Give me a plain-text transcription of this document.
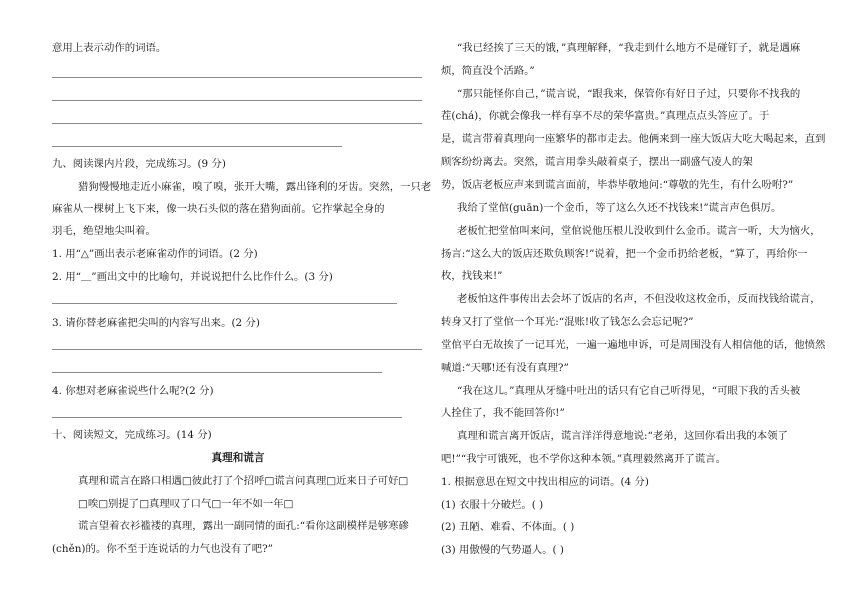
意用上表示动作的词语。
九、阅读课内片段，完成练习。(9 分)
猎狗慢慢地走近小麻雀，嗅了嗅，张开大嘴，露出锋利的牙齿。突然，一只老
麻雀从一棵树上飞下来，像一块石头似的落在猎狗面前。它拃掌起全身的
羽毛，绝望地尖叫着。
1. 用“△”画出表示老麻雀动作的词语。(2 分)
2. 用“＿”画出文中的比喻句，并说说把什么比作什么。(3 分)
3. 请你替老麻雀把尖叫的内容写出来。(2 分)
4. 你想对老麻雀说些什么呢?(2 分)
十、阅读短文，完成练习。(14 分)
真理和谎言
真理和谎言在路口相遇□彼此打了个招呼□谎言问真理□近来日子可好□
□唉□别提了□真理叹了口气□一年不如一年□
谎言望着衣衫褴褛的真理，露出一副同情的面孔:“看你这副模样是够寒碜
(chěn)的。你不至于连说话的力气也没有了吧?”
“我已经挨了三天的饿，”真理解释，“我走到什么地方不是碰钉子，就是遇麻
烦，简直没个活路。”
“那只能怪你自己，”谎言说，“跟我来，保管你有好日子过，只要你不找我的
茬(chá)，你就会像我一样有享不尽的荣华富贵。”真理点点头答应了。于
是，谎言带着真理向一座繁华的都市走去。他俩来到一座大饭店大吃大喝起来，直到
顾客纷纷离去。突然，谎言用拳头敲着桌子，摆出一副盛气凌人的架
势，饭店老板应声来到谎言面前，毕恭毕敬地问:“尊敬的先生，有什么吩咐?”
我给了堂倌(guān)一个金币，等了这么久还不找钱来!”谎言声色俱厉。
老板忙把堂倌叫来问，堂倌说他压根儿没收到什么金币。谎言一听，大为恼火，
扬言:“这么大的饭店还欺负顾客!”说着，把一个金币扔给老板，“算了，再给你一
枚，找钱来!”
老板怕这件事传出去会坏了饭店的名声，不但没收这枚金币，反而找钱给谎言，
转身又打了堂倌一个耳光:“混账!收了钱怎么会忘记呢?”
堂倌平白无故挨了一记耳光，一遍一遍地申诉，可是周围没有人相信他的话，他愤然
喊道:“天哪!还有没有真理?”
“我在这儿。”真理从牙缝中吐出的话只有它自己听得见，“可眼下我的舌头被
人拴住了，我不能回答你!”
真理和谎言离开饭店，谎言洋洋得意地说:“老弟，这回你看出我的本领了
吧!”“我宁可饿死，也不学你这种本领。”真理毅然离开了谎言。
1. 根据意思在短文中找出相应的词语。(4 分)
(1) 衣服十分破烂。( )
(2) 丑陋、难看、不体面。( )
(3) 用傲慢的气势逼人。( )
